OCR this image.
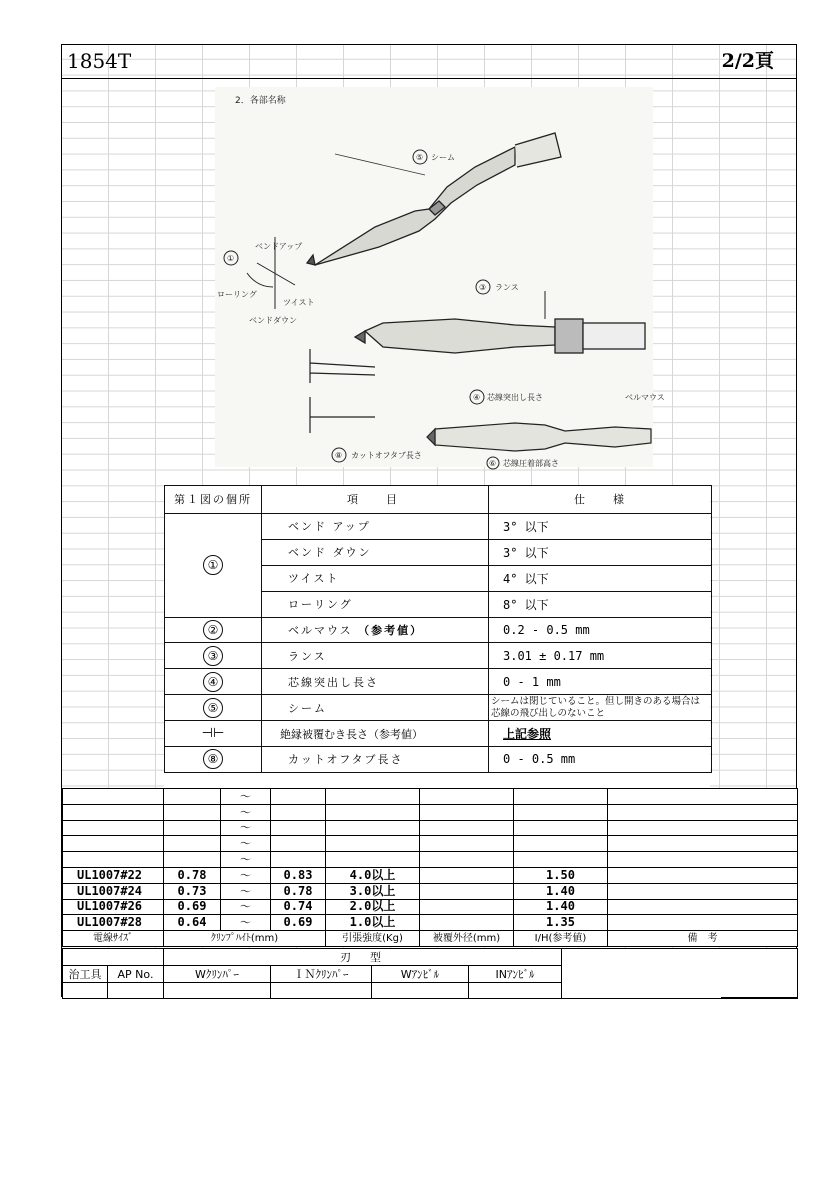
1854T	2/2頁
2．各部名称
⑤ シーム
①
ベンドアップ
ローリング
ツイスト
ベンドダウン
③ ランス
④ 芯線突出し長さ	ベルマウス
⑧ カットオフタブ長さ
⑥ 芯線圧着部高さ
第１図の個所	項　　目	仕　　様
①	ベンド アップ	3° 以下
	ベンド ダウン	3° 以下
	ツイスト	4° 以下
	ローリング	8° 以下
②	ベルマウス （参考値）	0.2 - 0.5 mm
③	ランス	3.01 ± 0.17 mm
④	芯線突出し長さ	0 - 1 mm
⑤	シーム	シームは閉じていること。但し開きのある場合は芯線の飛び出しのないこと
⊣⊢	絶縁被覆むき長さ（参考値）	上記参照
⑧	カットオフタブ長さ	0 - 0.5 mm
		～					
		～					
		～					
		～					
		～					
UL1007#22	0.78	～	0.83	4.0以上		1.50	
UL1007#24	0.73	～	0.78	3.0以上		1.40	
UL1007#26	0.69	～	0.74	2.0以上		1.40	
UL1007#28	0.64	～	0.69	1.0以上		1.35	
電線ｻｲｽﾞ	ｸﾘﾝﾌﾟﾊｲﾄ(mm)			引張強度(Kg)	被覆外径(mm)	I/H(参考値)	備　考
		刃　型				
治工具	AP No.	Wｸﾘﾝﾊﾟｰ	ＩＮｸﾘﾝﾊﾟｰ	Wｱﾝﾋﾞﾙ	INｱﾝﾋﾞﾙ	
